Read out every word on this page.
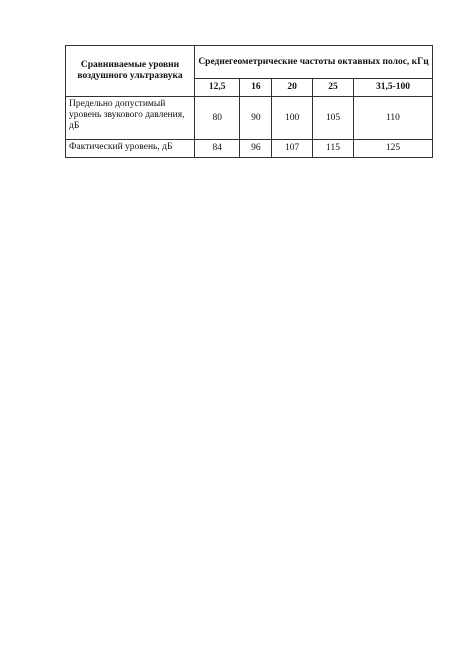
Сравниваемые уровни воздушного ультразвука	Среднегеометрические частоты октавных полос, кГц				
	12,5	16	20	25	31,5-100
Предельно допустимый уровень звукового давления, дБ	80	90	100	105	110
Фактический уровень, дБ	84	96	107	115	125
